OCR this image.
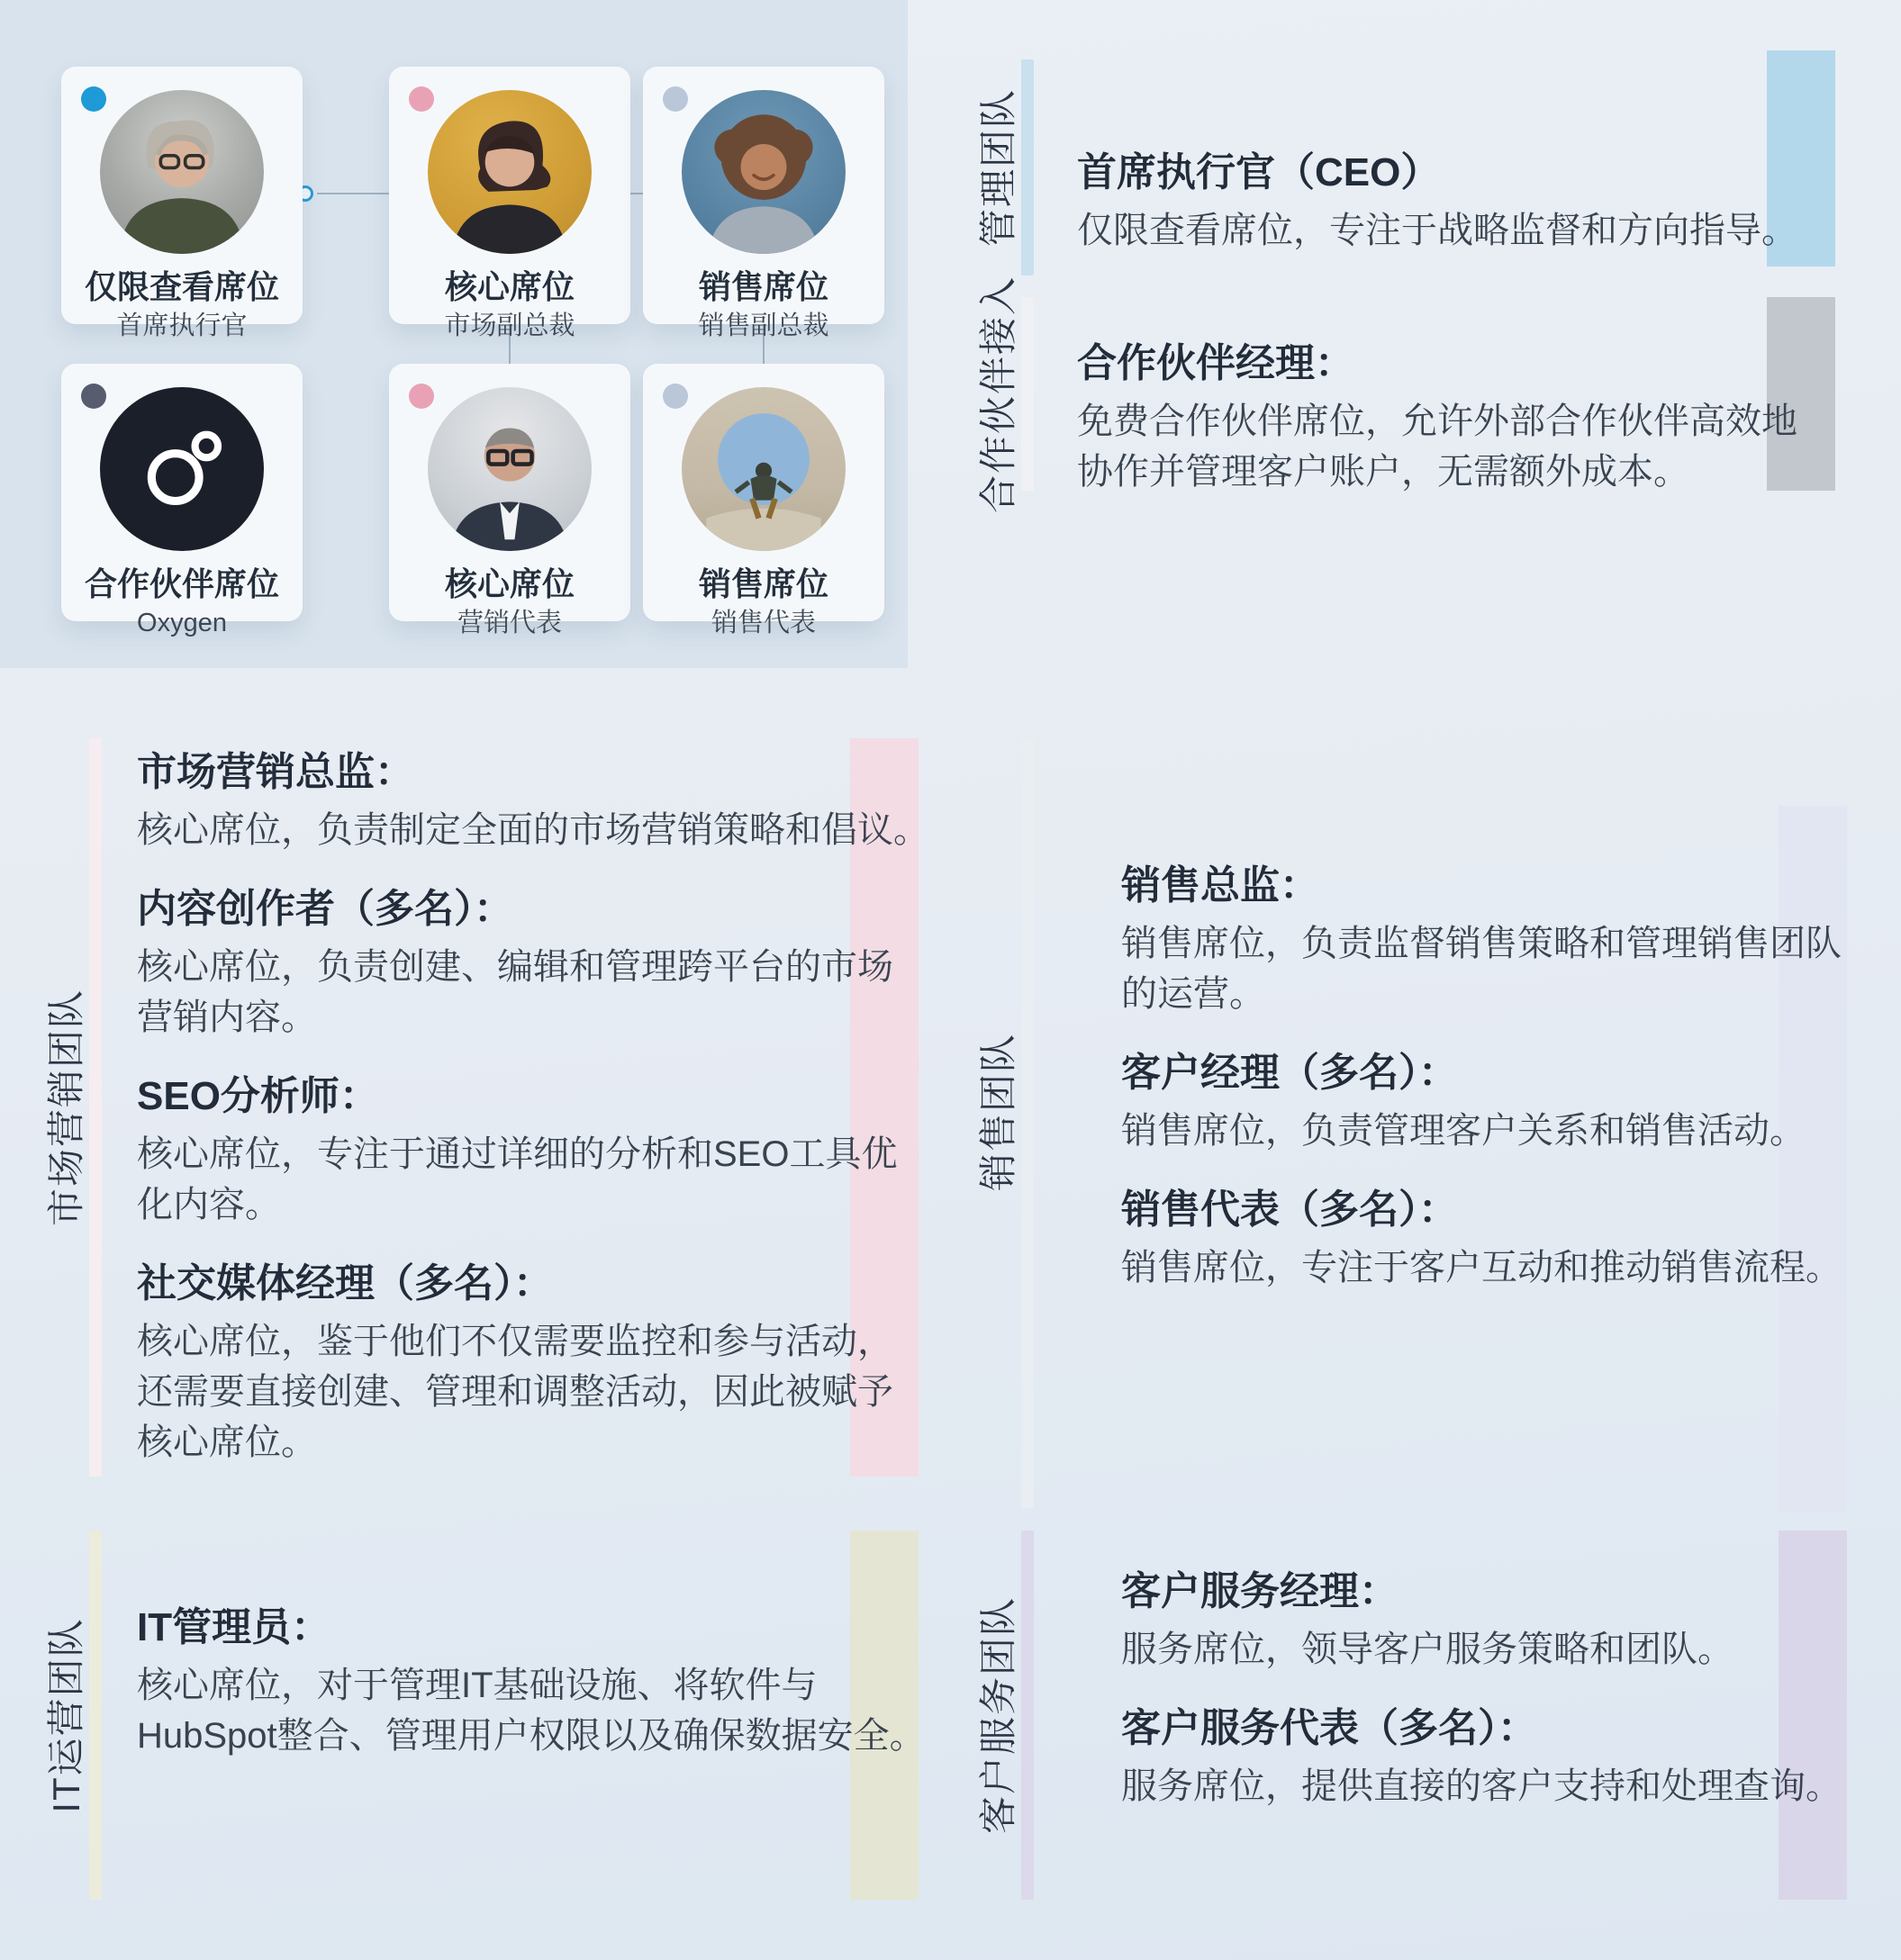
仅限查看席位
首席执行官
核心席位
市场副总裁
销售席位
销售副总裁
合作伙伴席位
Oxygen
核心席位
营销代表
销售席位
销售代表
管理团队 首席执行官（CEO）

仅限查看席位，专注于战略监督和方向指导。

合作伙伴接入 合作伙伴经理：

免费合作伙伴席位，允许外部合作伙伴高效地

协作并管理客户账户，无需额外成本。

市场营销团队
市场营销总监：

核心席位，负责制定全面的市场营销策略和倡议。

内容创作者（多名）：

核心席位，负责创建、编辑和管理跨平台的市场

营销内容。

SEO分析师：

核心席位，专注于通过详细的分析和SEO工具优

化内容。

社交媒体经理（多名）：

核心席位，鉴于他们不仅需要监控和参与活动，

还需要直接创建、管理和调整活动，因此被赋予

核心席位。

销售团队
销售总监：

销售席位，负责监督销售策略和管理销售团队

的运营。

客户经理（多名）：

销售席位，负责管理客户关系和销售活动。

销售代表（多名）：

销售席位，专注于客户互动和推动销售流程。

IT运营团队 IT管理员：

核心席位，对于管理IT基础设施、将软件与

HubSpot整合、管理用户权限以及确保数据安全。 客户服务团队
客户服务经理：

服务席位，领导客户服务策略和团队。

客户服务代表（多名）：

服务席位，提供直接的客户支持和处理查询。
